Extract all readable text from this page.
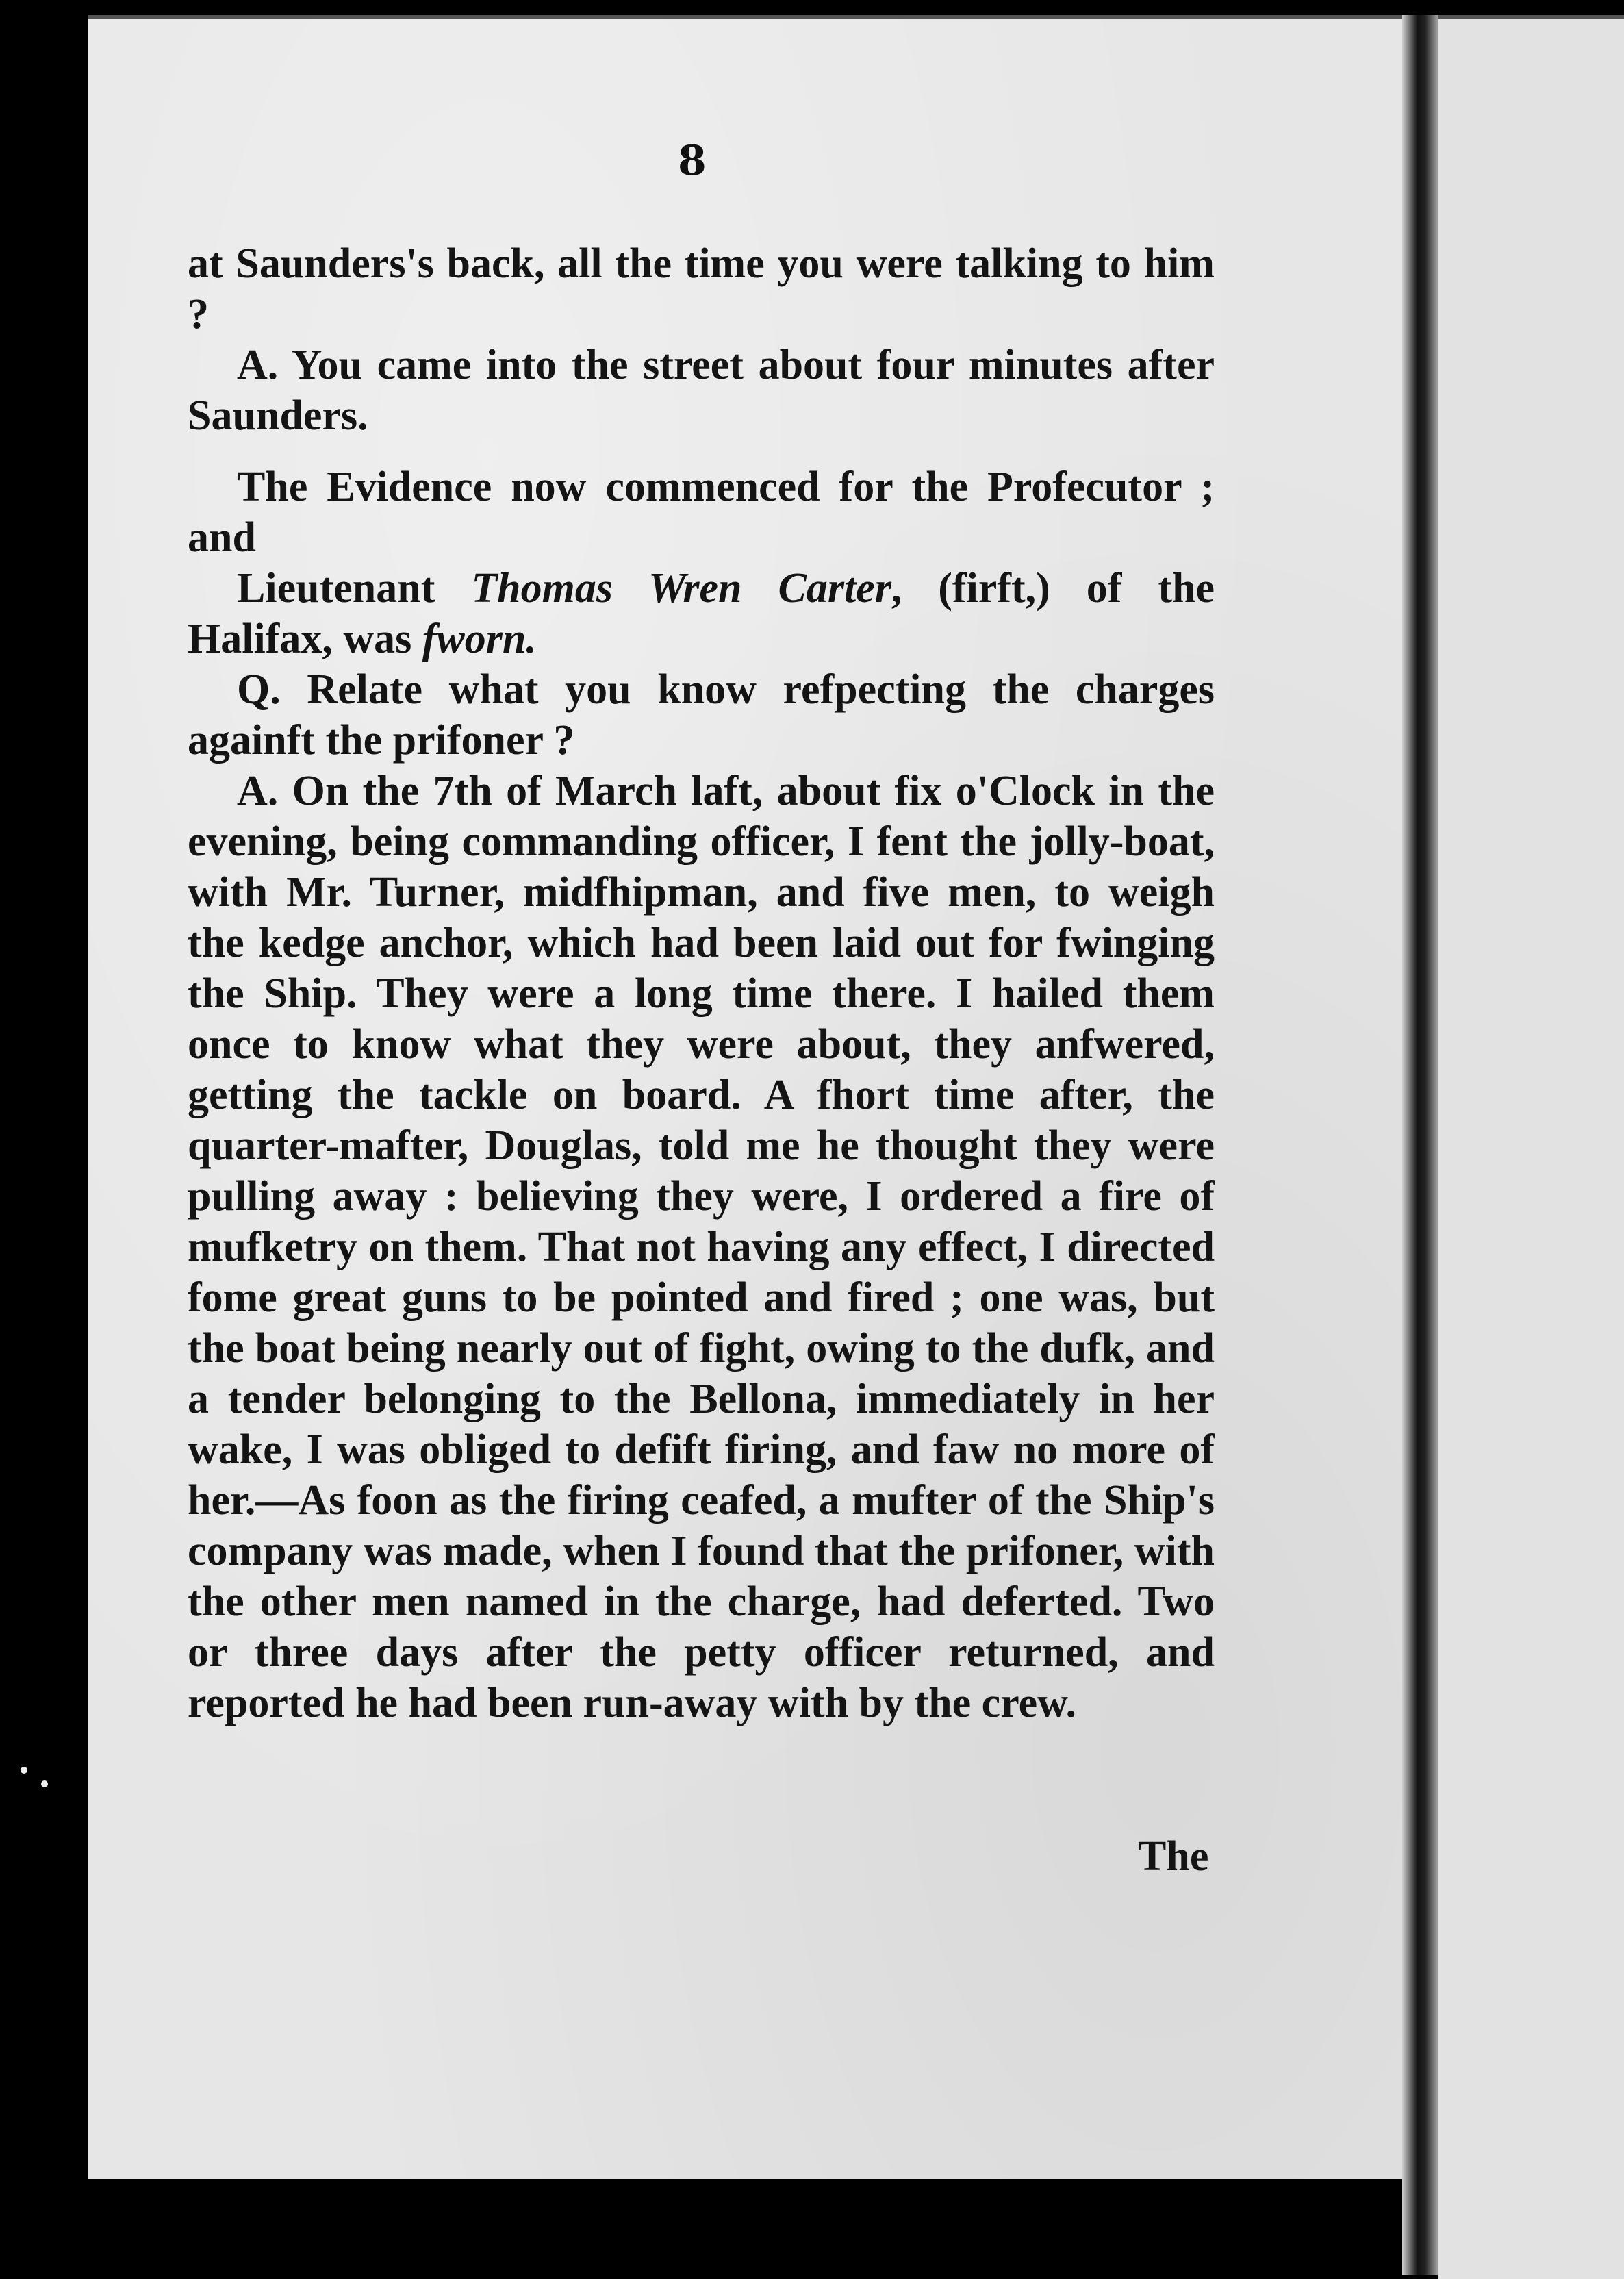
8

at Saunders's back, all the time you were talking to him ?

A. You came into the street about four minutes after Saunders.

The Evidence now commenced for the Profecutor ; and

Lieutenant Thomas Wren Carter, (firft,) of the Halifax, was fworn.

Q. Relate what you know refpecting the charges againft the prifoner ?

A. On the 7th of March laft, about fix o'Clock in the evening, being commanding officer, I fent the jolly-boat, with Mr. Turner, midfhipman, and five men, to weigh the kedge anchor, which had been laid out for fwinging the Ship. They were a long time there. I hailed them once to know what they were about, they anfwered, getting the tackle on board. A fhort time after, the quarter-mafter, Douglas, told me he thought they were pulling away : believing they were, I ordered a fire of mufketry on them. That not having any effect, I directed fome great guns to be pointed and fired ; one was, but the boat being nearly out of fight, owing to the dufk, and a tender belonging to the Bellona, immediately in her wake, I was obliged to defift firing, and faw no more of her.—As foon as the firing ceafed, a mufter of the Ship's company was made, when I found that the prifoner, with the other men named in the charge, had deferted. Two or three days after the petty officer returned, and reported he had been run-away with by the crew.

The
